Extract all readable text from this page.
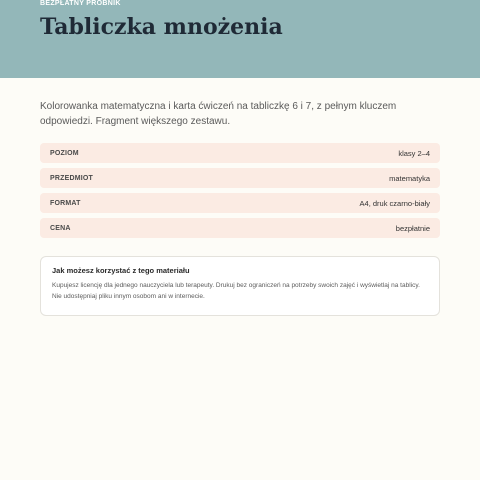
BEZPŁATNY PRÓBNIK
Tabliczka mnożenia

Kolorowanka matematyczna i karta ćwiczeń na tabliczkę 6 i 7, z pełnym kluczem odpowiedzi. Fragment większego zestawu.

POZIOM	klasy 2–4
PRZEDMIOT	matematyka
FORMAT	A4, druk czarno-biały
CENA	bezpłatnie

Jak możesz korzystać z tego materiału

Kupujesz licencję dla jednego nauczyciela lub terapeuty. Drukuj bez ograniczeń na potrzeby swoich zajęć i wyświetlaj na tablicy. Nie udostępniaj pliku innym osobom ani w internecie.
